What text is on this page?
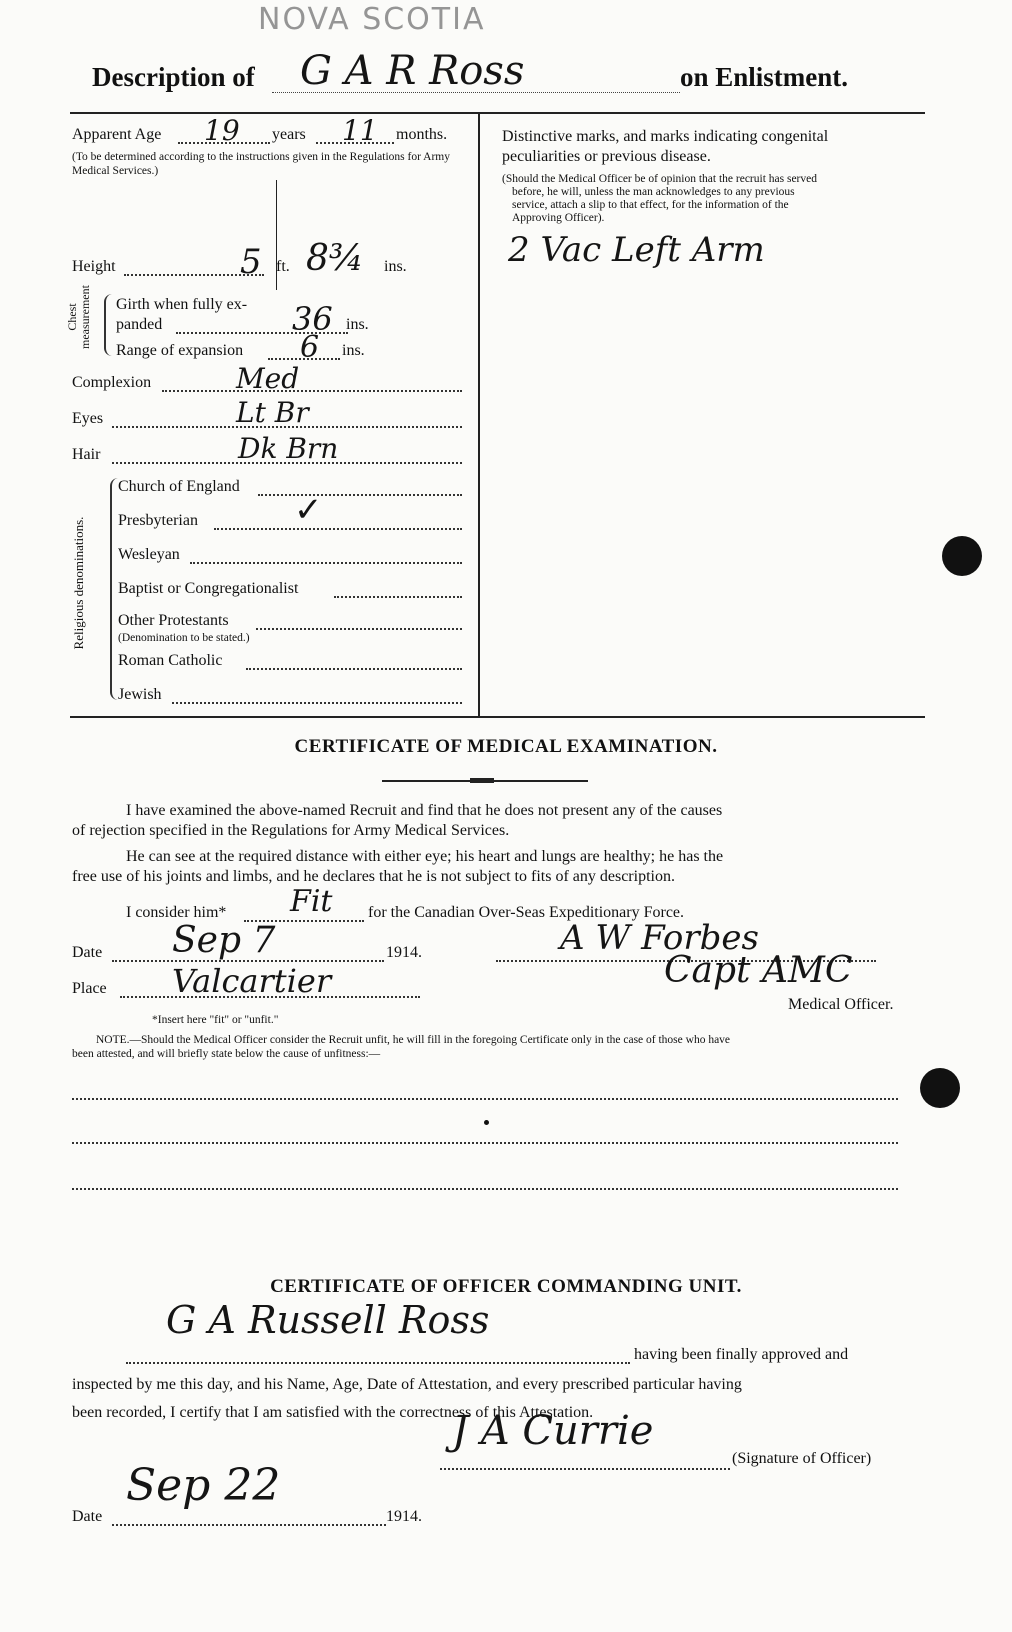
NOVA SCOTIA
Description of G A R Ross	on Enlistment.
Apparent Age 19 years 11 months.
(To be determined according to the instructions given in the Regulations for Army Medical Services.)
Height	5 ft. 8¾ ins.
Chest measurement Girth when fully ex-
panded	36 ins.
Range of expansion 6 ins.
Complexion	Med
Eyes	Lt Br
Hair	Dk Brn
Religious denominations.
Church of England
Presbyterian	✓
Wesleyan
Baptist or Congregationalist
Other Protestants
(Denomination to be stated.)
Roman Catholic
Jewish
Distinctive marks, and marks indicating congenital
peculiarities or previous disease.
(Should the Medical Officer be of opinion that the recruit has served
before, he will, unless the man acknowledges to any previous
service, attach a slip to that effect, for the information of the
Approving Officer).
2 Vac Left Arm
CERTIFICATE OF MEDICAL EXAMINATION.
I have examined the above-named Recruit and find that he does not present any of the causes
of rejection specified in the Regulations for Army Medical Services.
He can see at the required distance with either eye; his heart and lungs are healthy; he has the
free use of his joints and limbs, and he declares that he is not subject to fits of any description.
I consider him* Fit for the Canadian Over-Seas Expeditionary Force.
Date Sep 7	1914.	A W Forbes
Place Valcartier	Capt AMC
Medical Officer.
*Insert here "fit" or "unfit."
NOTE.—Should the Medical Officer consider the Recruit unfit, he will fill in the foregoing Certificate only in the case of those who have
been attested, and will briefly state below the cause of unfitness:—
CERTIFICATE OF OFFICER COMMANDING UNIT.
G A Russell Ross
having been finally approved and
inspected by me this day, and his Name, Age, Date of Attestation, and every prescribed particular having
been recorded, I certify that I am satisfied with the correctness of this Attestation.
J A Currie
(Signature of Officer)
Date
Sep 22
1914.
